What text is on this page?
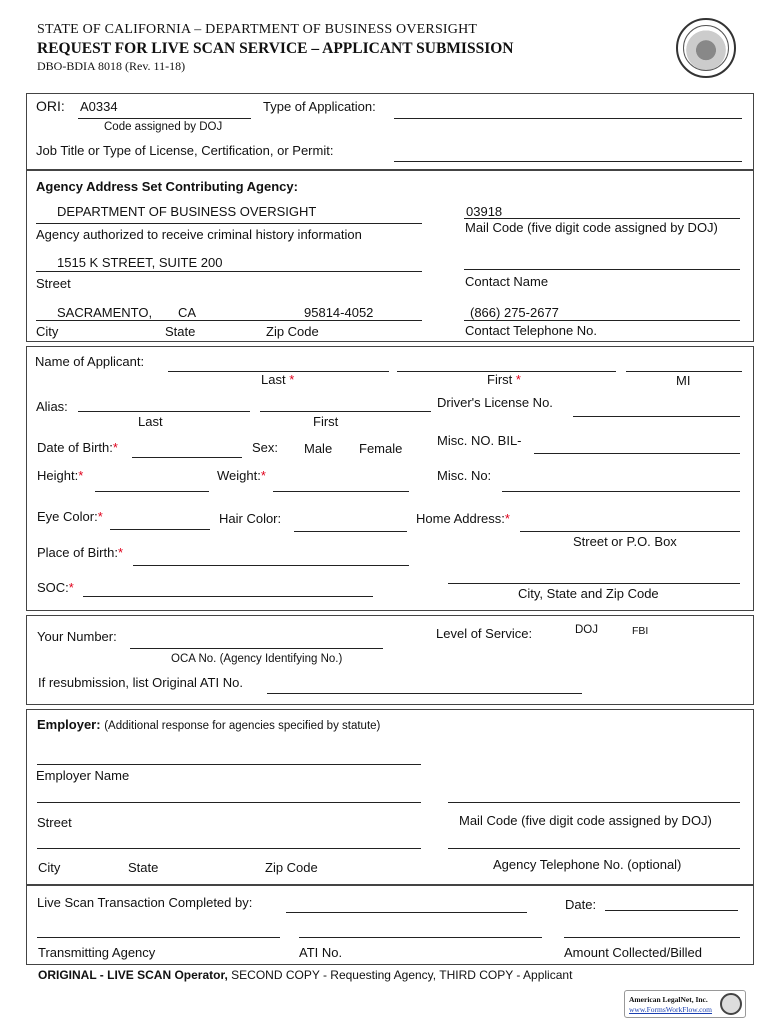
STATE OF CALIFORNIA – DEPARTMENT OF BUSINESS OVERSIGHT
REQUEST FOR LIVE SCAN SERVICE – APPLICANT SUBMISSION
DBO-BDIA 8018 (Rev. 11-18)
ORI: A0334
Code assigned by DOJ
Type of Application:
Job Title or Type of License, Certification, or Permit:
Agency Address Set Contributing Agency:
DEPARTMENT OF BUSINESS OVERSIGHT
Agency authorized to receive criminal history information
03918
Mail Code (five digit code assigned by DOJ)
1515 K STREET, SUITE 200
Street	Contact Name
SACRAMENTO, CA	95814-4052
City	State	Zip Code
(866) 275-2677
Contact Telephone No.
Name of Applicant:
Last *	First *	MI
Alias:
Last	First
Driver's License No.
Date of Birth:*	Sex: Male Female
Misc. NO. BIL-
Height:*	Weight:*	Misc. No:
Eye Color:*	Hair Color:	Home Address:*
Street or P.O. Box
Place of Birth:*
SOC:*	City, State and Zip Code
Your Number:
OCA No. (Agency Identifying No.)
Level of Service:	DOJ	FBI
If resubmission, list Original ATI No.
Employer: (Additional response for agencies specified by statute)
Employer Name
Street	Mail Code (five digit code assigned by DOJ)
City	State	Zip Code	Agency Telephone No. (optional)
Live Scan Transaction Completed by:	Date:
Transmitting Agency	ATI No.	Amount Collected/Billed
ORIGINAL - LIVE SCAN Operator, SECOND COPY - Requesting Agency, THIRD COPY - Applicant
American LegalNet, Inc.
www.FormsWorkFlow.com
